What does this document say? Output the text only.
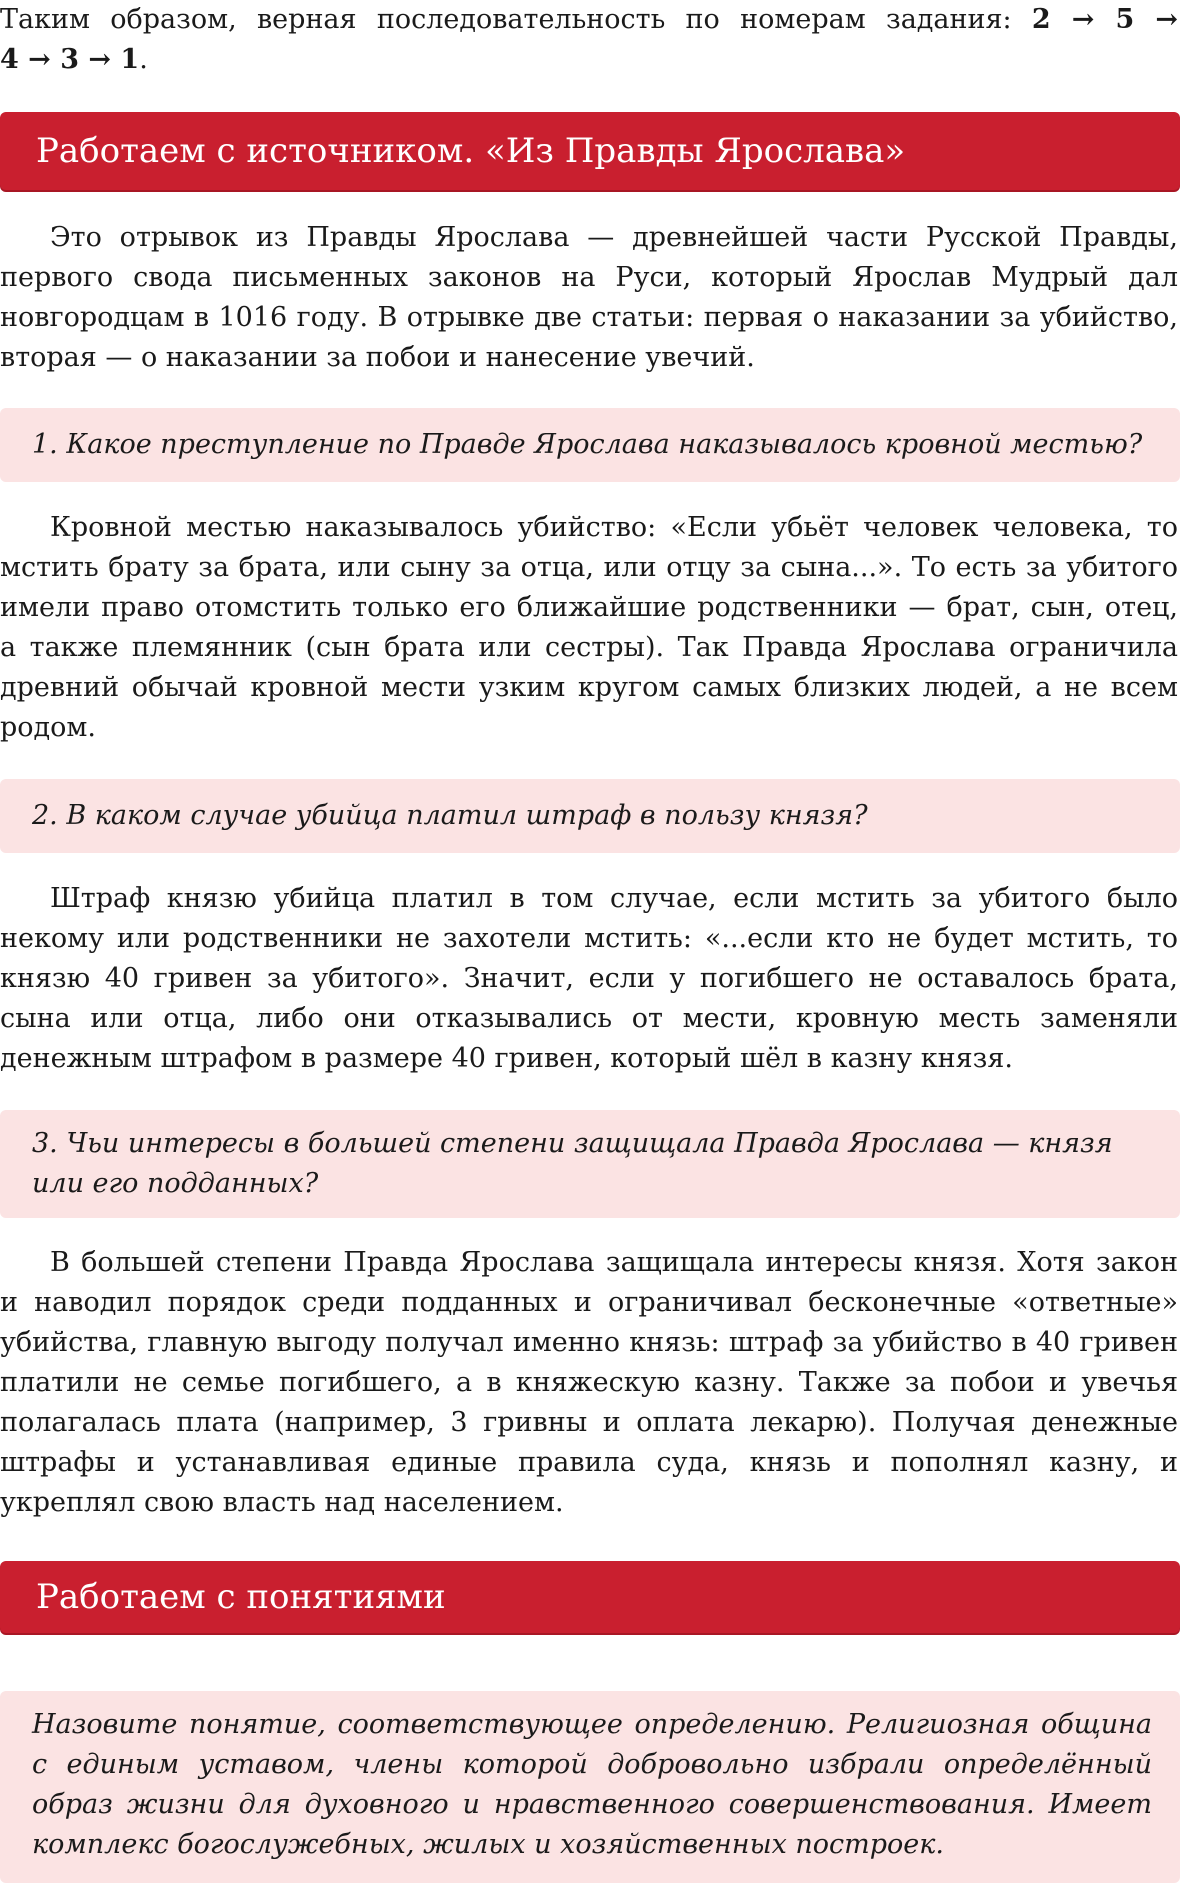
Таким образом, верная последовательность по номерам задания: 2 → 5 →
4 → 3 → 1.
Работаем с источником. «Из Правды Ярослава»
Это отрывок из Правды Ярослава — древнейшей части Русской Правды, первого свода письменных законов на Руси, который Ярослав Мудрый дал новгородцам в 1016 году. В отрывке две статьи: первая о наказании за убийство, вторая — о наказании за побои и нанесение увечий.
1. Какое преступление по Правде Ярослава наказывалось кровной местью?
Кровной местью наказывалось убийство: «Если убьёт человек человека, то мстить брату за брата, или сыну за отца, или отцу за сына...». То есть за убитого имели право отомстить только его ближайшие родственники — брат, сын, отец, а также племянник (сын брата или сестры). Так Правда Ярослава ограничила древний обычай кровной мести узким кругом самых близких людей, а не всем родом.
2. В каком случае убийца платил штраф в пользу князя?
Штраф князю убийца платил в том случае, если мстить за убитого было некому или родственники не захотели мстить: «...если кто не будет мстить, то князю 40 гривен за убитого». Значит, если у погибшего не оставалось брата, сына или отца, либо они отказывались от мести, кровную месть заменяли денежным штрафом в размере 40 гривен, который шёл в казну князя.
3. Чьи интересы в большей степени защищала Правда Ярослава — князя или его подданных?
В большей степени Правда Ярослава защищала интересы князя. Хотя закон и наводил порядок среди подданных и ограничивал бесконечные «ответные» убийства, главную выгоду получал именно князь: штраф за убийство в 40 гривен платили не семье погибшего, а в княжескую казну. Также за побои и увечья полагалась плата (например, 3 гривны и оплата лекарю). Получая денежные штрафы и устанавливая единые правила суда, князь и пополнял казну, и укреплял свою власть над населением.
Работаем с понятиями
Назовите понятие, соответствующее определению. Религиозная община с единым уставом, члены которой добровольно избрали определённый образ жизни для духовного и нравственного совершенствования. Имеет комплекс богослужебных, жилых и хозяйственных построек.
